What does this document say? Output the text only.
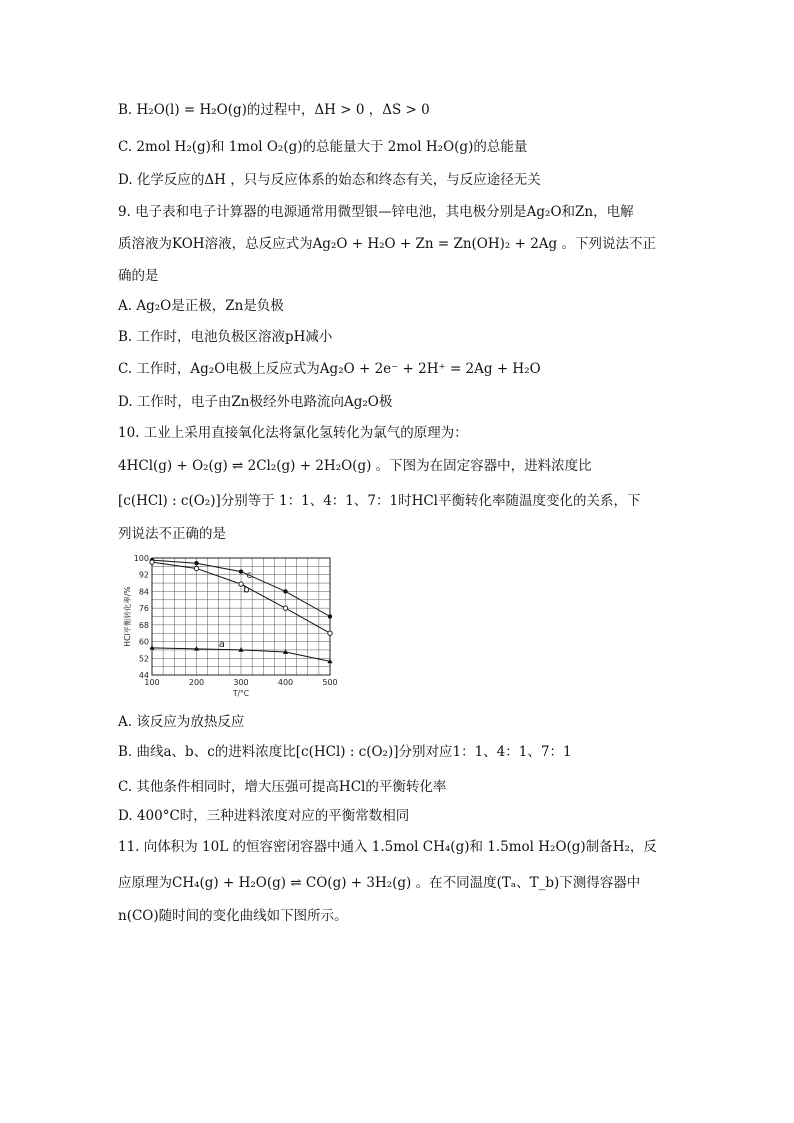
B. H₂O(l) = H₂O(g)的过程中，ΔH > 0 ，ΔS > 0
C. 2mol H₂(g)和 1mol O₂(g)的总能量大于 2mol H₂O(g)的总能量
D. 化学反应的ΔH ，只与反应体系的始态和终态有关，与反应途径无关
9. 电子表和电子计算器的电源通常用微型银—锌电池，其电极分别是Ag₂O和Zn，电解
质溶液为KOH溶液，总反应式为Ag₂O + H₂O + Zn = Zn(OH)₂ + 2Ag 。下列说法不正
确的是
A. Ag₂O是正极，Zn是负极
B. 工作时，电池负极区溶液pH减小
C. 工作时，Ag₂O电极上反应式为Ag₂O + 2e⁻ + 2H⁺ = 2Ag + H₂O
D. 工作时，电子由Zn极经外电路流向Ag₂O极
10. 工业上采用直接氧化法将氯化氢转化为氯气的原理为：
4HCl(g) + O₂(g) ⇌ 2Cl₂(g) + 2H₂O(g) 。下图为在固定容器中，进料浓度比
[c(HCl) : c(O₂)]分别等于 1：1、4：1、7：1时HCl平衡转化率随温度变化的关系，下
列说法不正确的是
100
92
84
76
68
60
52
44
100	200	300	400	500
T/°C
HCl平衡转化率/%
c
b
a
A. 该反应为放热反应
B. 曲线a、b、c的进料浓度比[c(HCl) : c(O₂)]分别对应1：1、4：1、7：1
C. 其他条件相同时，增大压强可提高HCl的平衡转化率
D. 400°C时，三种进料浓度对应的平衡常数相同
11. 向体积为 10L 的恒容密闭容器中通入 1.5mol CH₄(g)和 1.5mol H₂O(g)制备H₂，反
应原理为CH₄(g) + H₂O(g) ⇌ CO(g) + 3H₂(g) 。在不同温度(Tₐ、T_b)下测得容器中
n(CO)随时间的变化曲线如下图所示。
